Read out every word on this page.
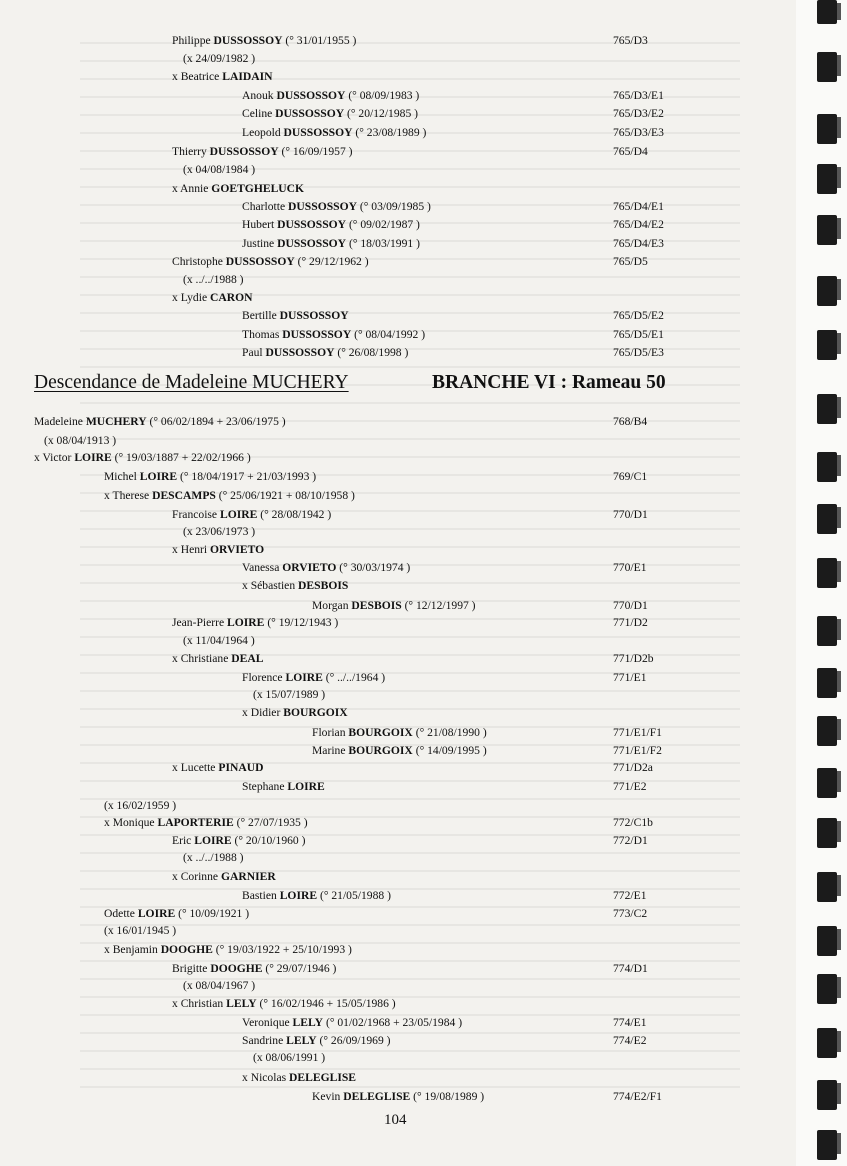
Philippe DUSSOSSOY (° 31/01/1955 )	765/D3
(x 24/09/1982 )
x Beatrice LAIDAIN
Anouk DUSSOSSOY (° 08/09/1983 )	765/D3/E1
Celine DUSSOSSOY (° 20/12/1985 )	765/D3/E2
Leopold DUSSOSSOY (° 23/08/1989 )	765/D3/E3
Thierry DUSSOSSOY (° 16/09/1957 )	765/D4
(x 04/08/1984 )
x Annie GOETGHELUCK
Charlotte DUSSOSSOY (° 03/09/1985 )	765/D4/E1
Hubert DUSSOSSOY (° 09/02/1987 )	765/D4/E2
Justine DUSSOSSOY (° 18/03/1991 )	765/D4/E3
Christophe DUSSOSSOY (° 29/12/1962 )	765/D5
(x ../../1988 )
x Lydie CARON
Bertille DUSSOSSOY	765/D5/E2
Thomas DUSSOSSOY (° 08/04/1992 )	765/D5/E1
Paul DUSSOSSOY (° 26/08/1998 )	765/D5/E3
Madeleine MUCHERY (° 06/02/1894 + 23/06/1975 )	768/B4
(x 08/04/1913 )
x Victor LOIRE (° 19/03/1887 + 22/02/1966 )
Michel LOIRE (° 18/04/1917 + 21/03/1993 )	769/C1
x Therese DESCAMPS (° 25/06/1921 + 08/10/1958 )
Francoise LOIRE (° 28/08/1942 )	770/D1
(x 23/06/1973 )
x Henri ORVIETO
Vanessa ORVIETO (° 30/03/1974 )	770/E1
x Sébastien DESBOIS
Morgan DESBOIS (° 12/12/1997 )	770/D1
Jean-Pierre LOIRE (° 19/12/1943 )	771/D2
(x 11/04/1964 )
x Christiane DEAL	771/D2b
Florence LOIRE (° ../../1964 )	771/E1
(x 15/07/1989 )
x Didier BOURGOIX
Florian BOURGOIX (° 21/08/1990 )	771/E1/F1
Marine BOURGOIX (° 14/09/1995 )	771/E1/F2
x Lucette PINAUD	771/D2a
Stephane LOIRE	771/E2
(x 16/02/1959 )
x Monique LAPORTERIE (° 27/07/1935 )	772/C1b
Eric LOIRE (° 20/10/1960 )	772/D1
(x ../../1988 )
x Corinne GARNIER
Bastien LOIRE (° 21/05/1988 )	772/E1
Odette LOIRE (° 10/09/1921 )	773/C2
(x 16/01/1945 )
x Benjamin DOOGHE (° 19/03/1922 + 25/10/1993 )
Brigitte DOOGHE (° 29/07/1946 )	774/D1
(x 08/04/1967 )
x Christian LELY (° 16/02/1946 + 15/05/1986 )
Veronique LELY (° 01/02/1968 + 23/05/1984 )	774/E1
Sandrine LELY (° 26/09/1969 )	774/E2
(x 08/06/1991 )
x Nicolas DELEGLISE
Kevin DELEGLISE (° 19/08/1989 )	774/E2/F1
Descendance de Madeleine MUCHERY	BRANCHE VI : Rameau 50
104
